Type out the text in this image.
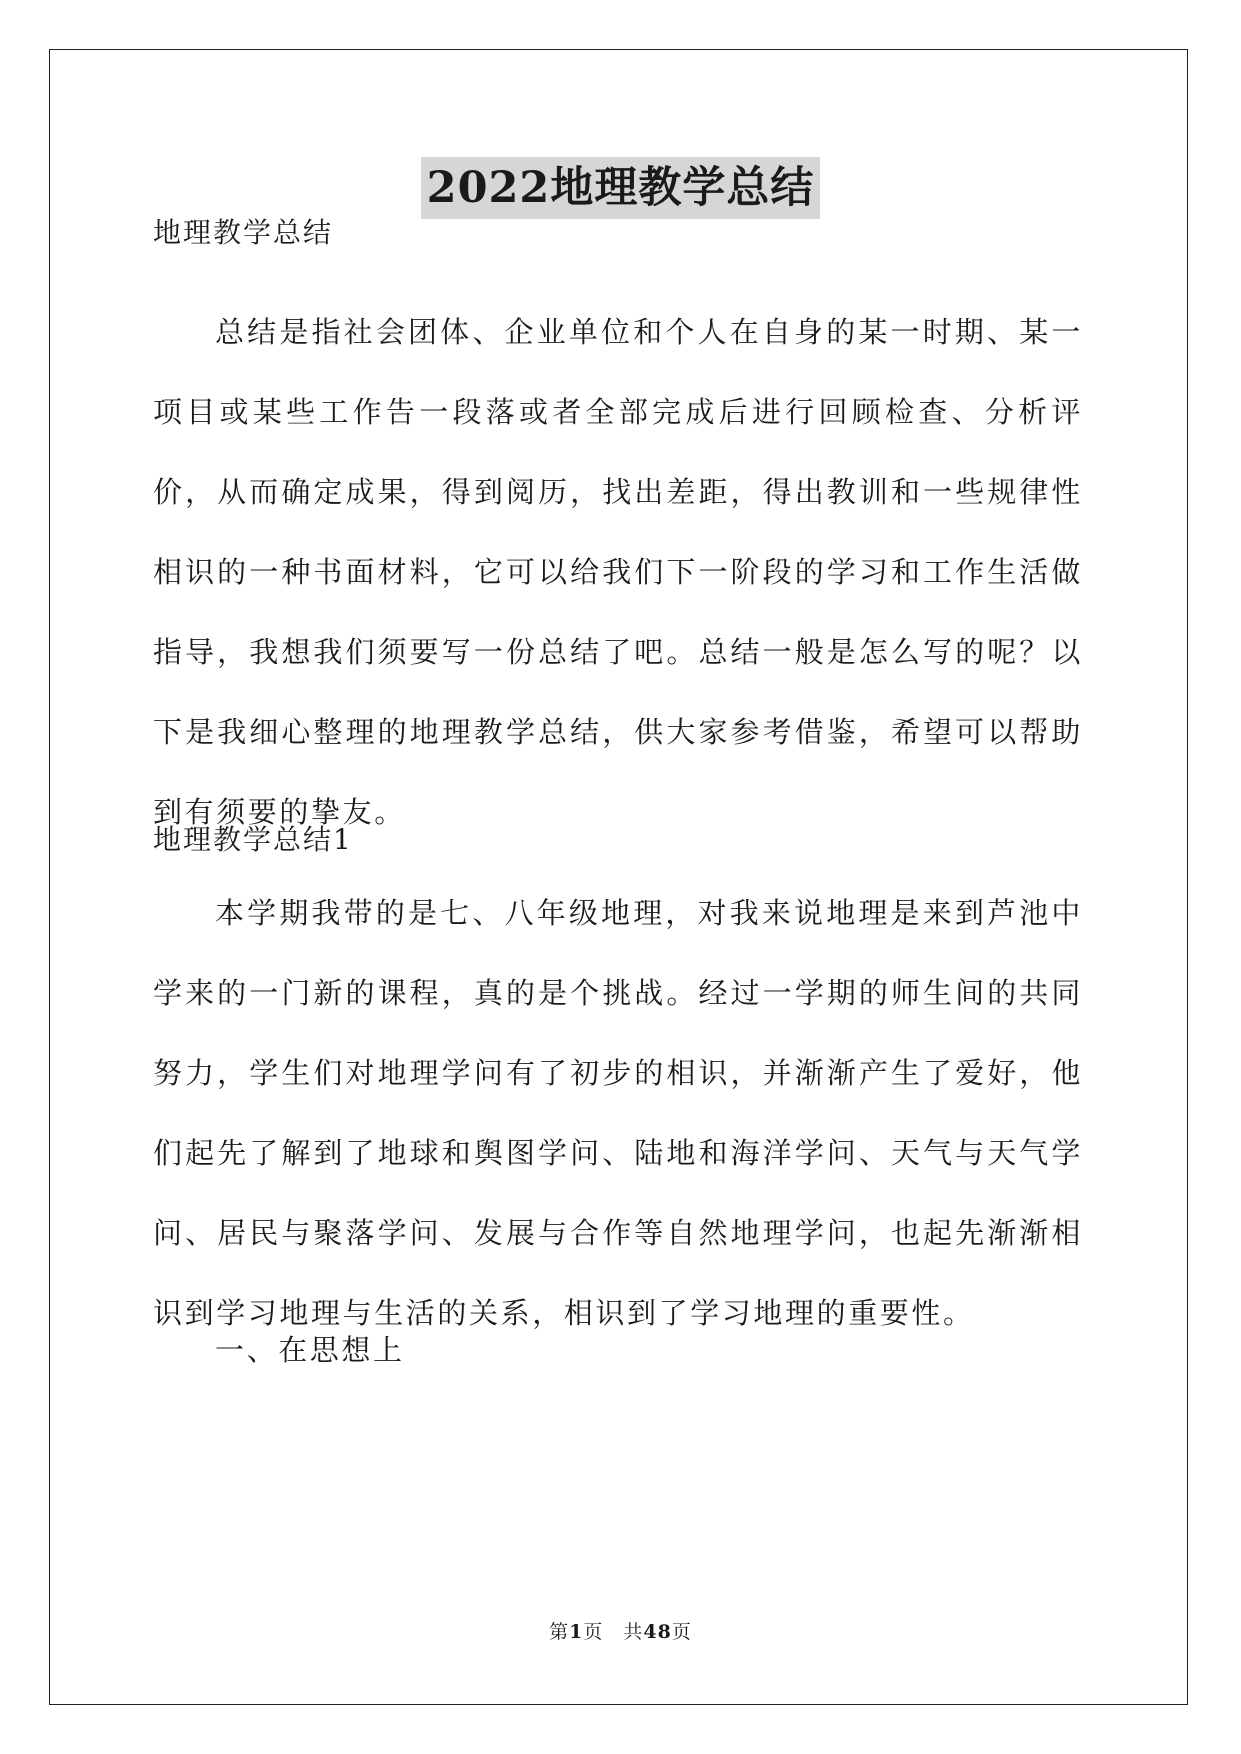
2022地理教学总结
地理教学总结
总结是指社会团体、企业单位和个人在自身的某一时期、某一项目或某些工作告一段落或者全部完成后进行回顾检查、分析评价，从而确定成果，得到阅历，找出差距，得出教训和一些规律性相识的一种书面材料，它可以给我们下一阶段的学习和工作生活做指导，我想我们须要写一份总结了吧。总结一般是怎么写的呢？以下是我细心整理的地理教学总结，供大家参考借鉴，希望可以帮助到有须要的挚友。
地理教学总结1
本学期我带的是七、八年级地理，对我来说地理是来到芦池中学来的一门新的课程，真的是个挑战。经过一学期的师生间的共同努力，学生们对地理学问有了初步的相识，并渐渐产生了爱好，他们起先了解到了地球和舆图学问、陆地和海洋学问、天气与天气学问、居民与聚落学问、发展与合作等自然地理学问，也起先渐渐相识到学习地理与生活的关系，相识到了学习地理的重要性。
一、在思想上
第1页　共48页
